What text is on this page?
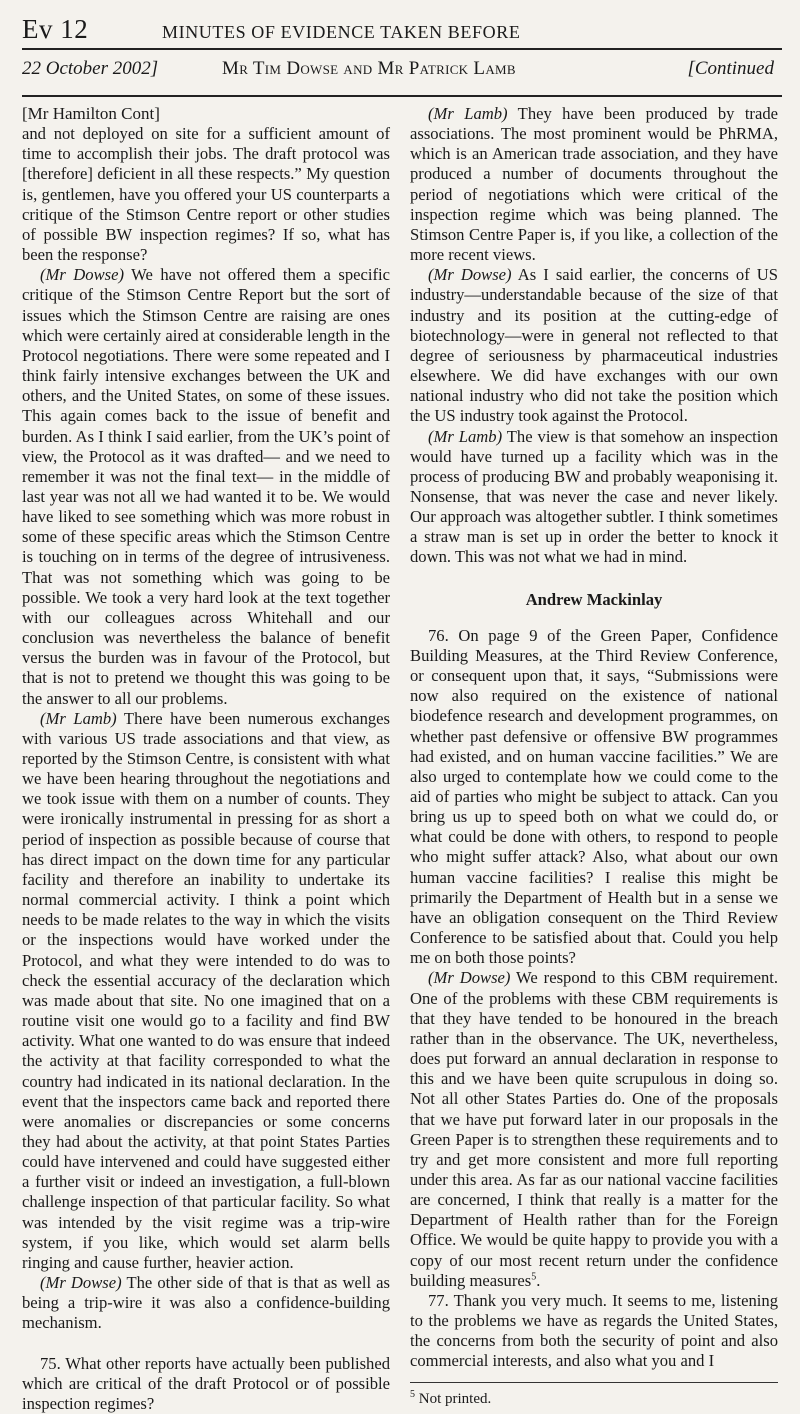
Ev 12	MINUTES OF EVIDENCE TAKEN BEFORE
22 October 2002]	Mr Tim Dowse and Mr Patrick Lamb	[Continued
[Mr Hamilton Cont]

and not deployed on site for a sufficient amount of time to accomplish their jobs. The draft protocol was [therefore] deficient in all these respects.” My question is, gentlemen, have you offered your US counterparts a critique of the Stimson Centre report or other studies of possible BW inspection regimes? If so, what has been the response?

(Mr Dowse) We have not offered them a specific critique of the Stimson Centre Report but the sort of issues which the Stimson Centre are raising are ones which were certainly aired at considerable length in the Protocol negotiations. There were some repeated and I think fairly intensive exchanges between the UK and others, and the United States, on some of these issues. This again comes back to the issue of benefit and burden. As I think I said earlier, from the UK’s point of view, the Protocol as it was drafted— and we need to remember it was not the final text— in the middle of last year was not all we had wanted it to be. We would have liked to see something which was more robust in some of these specific areas which the Stimson Centre is touching on in terms of the degree of intrusiveness. That was not something which was going to be possible. We took a very hard look at the text together with our colleagues across Whitehall and our conclusion was nevertheless the balance of benefit versus the burden was in favour of the Protocol, but that is not to pretend we thought this was going to be the answer to all our problems.

(Mr Lamb) There have been numerous exchanges with various US trade associations and that view, as reported by the Stimson Centre, is consistent with what we have been hearing throughout the negotiations and we took issue with them on a number of counts. They were ironically instrumental in pressing for as short a period of inspection as possible because of course that has direct impact on the down time for any particular facility and therefore an inability to undertake its normal commercial activity. I think a point which needs to be made relates to the way in which the visits or the inspections would have worked under the Protocol, and what they were intended to do was to check the essential accuracy of the declaration which was made about that site. No one imagined that on a routine visit one would go to a facility and find BW activity. What one wanted to do was ensure that indeed the activity at that facility corresponded to what the country had indicated in its national declaration. In the event that the inspectors came back and reported there were anomalies or discrepancies or some concerns they had about the activity, at that point States Parties could have intervened and could have suggested either a further visit or indeed an investigation, a full-blown challenge inspection of that particular facility. So what was intended by the visit regime was a trip-wire system, if you like, which would set alarm bells ringing and cause further, heavier action.

(Mr Dowse) The other side of that is that as well as being a trip-wire it was also a confidence-building mechanism.

75. What other reports have actually been published which are critical of the draft Protocol or of possible inspection regimes?

(Mr Lamb) They have been produced by trade associations. The most prominent would be PhRMA, which is an American trade association, and they have produced a number of documents throughout the period of negotiations which were critical of the inspection regime which was being planned. The Stimson Centre Paper is, if you like, a collection of the more recent views.

(Mr Dowse) As I said earlier, the concerns of US industry—understandable because of the size of that industry and its position at the cutting-edge of biotechnology—were in general not reflected to that degree of seriousness by pharmaceutical industries elsewhere. We did have exchanges with our own national industry who did not take the position which the US industry took against the Protocol.

(Mr Lamb) The view is that somehow an inspection would have turned up a facility which was in the process of producing BW and probably weaponising it. Nonsense, that was never the case and never likely. Our approach was altogether subtler. I think sometimes a straw man is set up in order the better to knock it down. This was not what we had in mind.

Andrew Mackinlay

76. On page 9 of the Green Paper, Confidence Building Measures, at the Third Review Conference, or consequent upon that, it says, “Submissions were now also required on the existence of national biodefence research and development programmes, on whether past defensive or offensive BW programmes had existed, and on human vaccine facilities.” We are also urged to contemplate how we could come to the aid of parties who might be subject to attack. Can you bring us up to speed both on what we could do, or what could be done with others, to respond to people who might suffer attack? Also, what about our own human vaccine facilities? I realise this might be primarily the Department of Health but in a sense we have an obligation consequent on the Third Review Conference to be satisfied about that. Could you help me on both those points?

(Mr Dowse) We respond to this CBM requirement. One of the problems with these CBM requirements is that they have tended to be honoured in the breach rather than in the observance. The UK, nevertheless, does put forward an annual declaration in response to this and we have been quite scrupulous in doing so. Not all other States Parties do. One of the proposals that we have put forward later in our proposals in the Green Paper is to strengthen these requirements and to try and get more consistent and more full reporting under this area. As far as our national vaccine facilities are concerned, I think that really is a matter for the Department of Health rather than for the Foreign Office. We would be quite happy to provide you with a copy of our most recent return under the confidence building measures$^5$.

77. Thank you very much. It seems to me, listening to the problems we have as regards the United States, the concerns from both the security of point and also commercial interests, and also what you and I

$^5$ Not printed.
